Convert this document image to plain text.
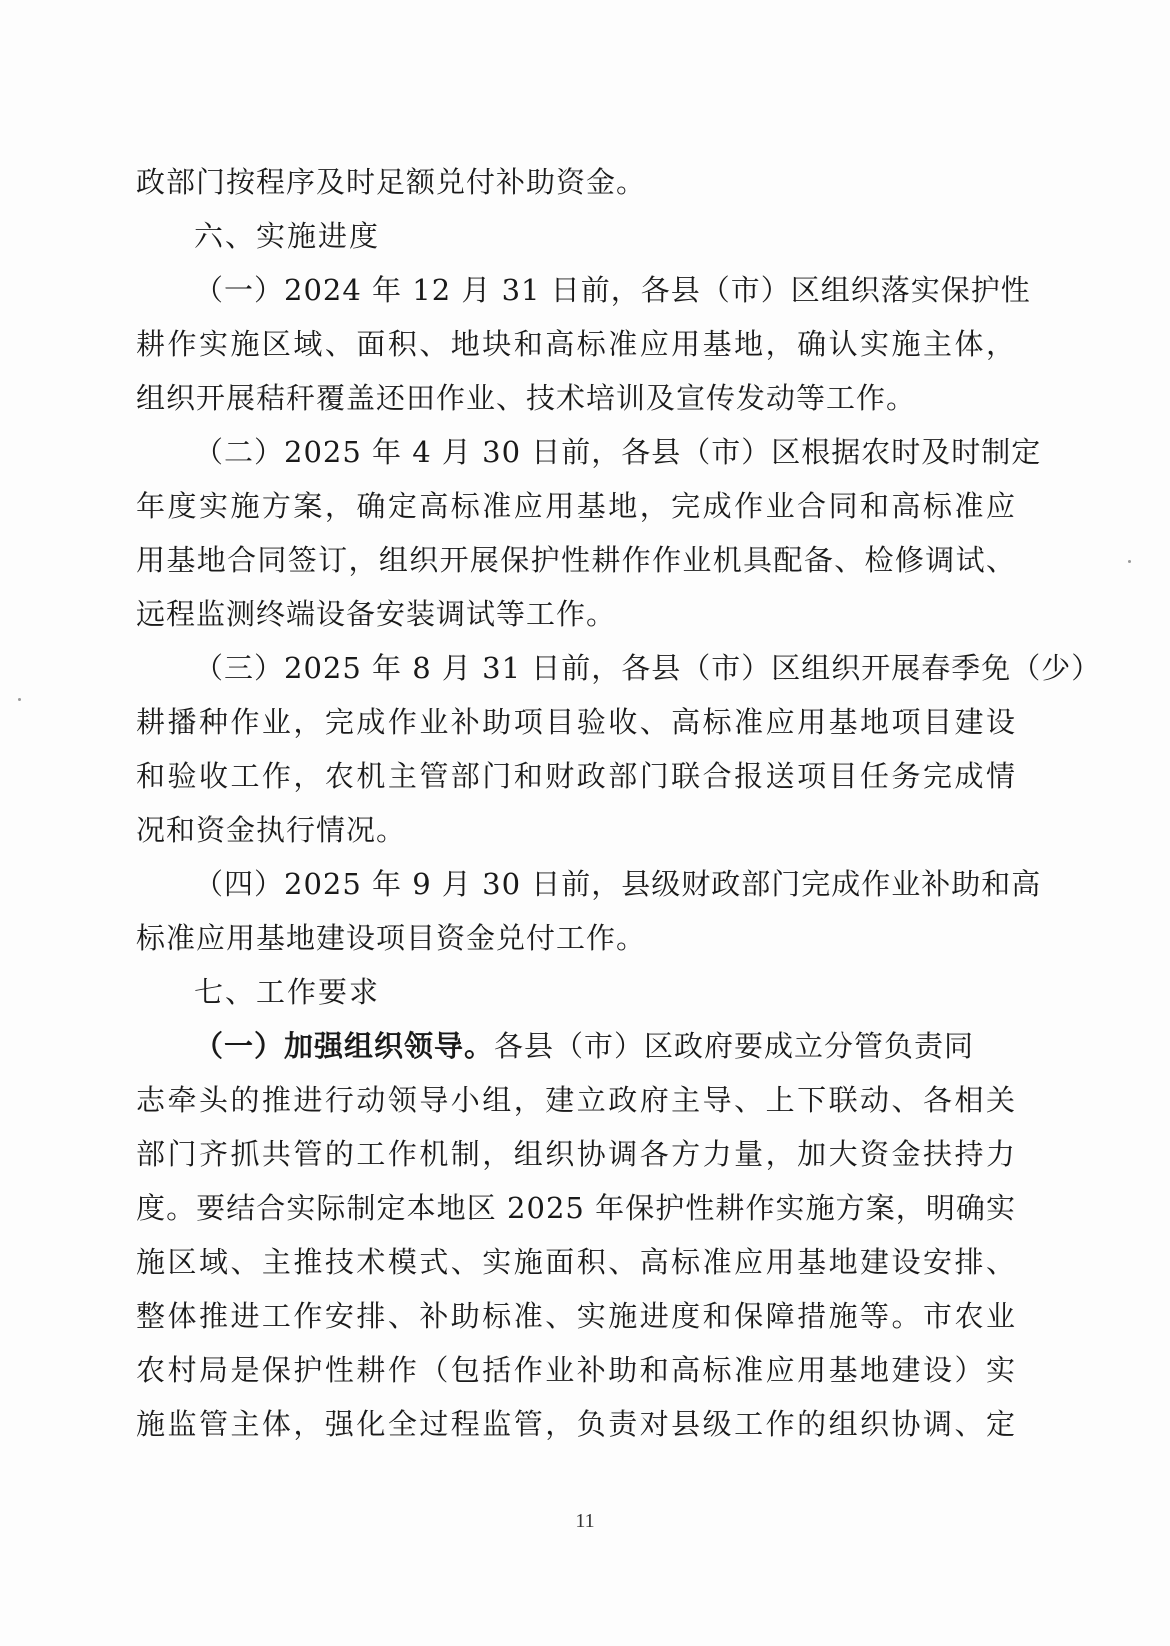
政部门按程序及时足额兑付补助资金。
六、实施进度
（一）2024 年 12 月 31 日前，各县（市）区组织落实保护性
耕作实施区域、面积、地块和高标准应用基地，确认实施主体，
组织开展秸秆覆盖还田作业、技术培训及宣传发动等工作。
（二）2025 年 4 月 30 日前，各县（市）区根据农时及时制定
年度实施方案，确定高标准应用基地，完成作业合同和高标准应
用基地合同签订，组织开展保护性耕作作业机具配备、检修调试、
远程监测终端设备安装调试等工作。
（三）2025 年 8 月 31 日前，各县（市）区组织开展春季免（少）
耕播种作业，完成作业补助项目验收、高标准应用基地项目建设
和验收工作，农机主管部门和财政部门联合报送项目任务完成情
况和资金执行情况。
（四）2025 年 9 月 30 日前，县级财政部门完成作业补助和高
标准应用基地建设项目资金兑付工作。
七、工作要求
（一）加强组织领导。各县（市）区政府要成立分管负责同
志牵头的推进行动领导小组，建立政府主导、上下联动、各相关
部门齐抓共管的工作机制，组织协调各方力量，加大资金扶持力
度。要结合实际制定本地区 2025 年保护性耕作实施方案，明确实
施区域、主推技术模式、实施面积、高标准应用基地建设安排、
整体推进工作安排、补助标准、实施进度和保障措施等。市农业
农村局是保护性耕作（包括作业补助和高标准应用基地建设）实
施监管主体，强化全过程监管，负责对县级工作的组织协调、定
11
